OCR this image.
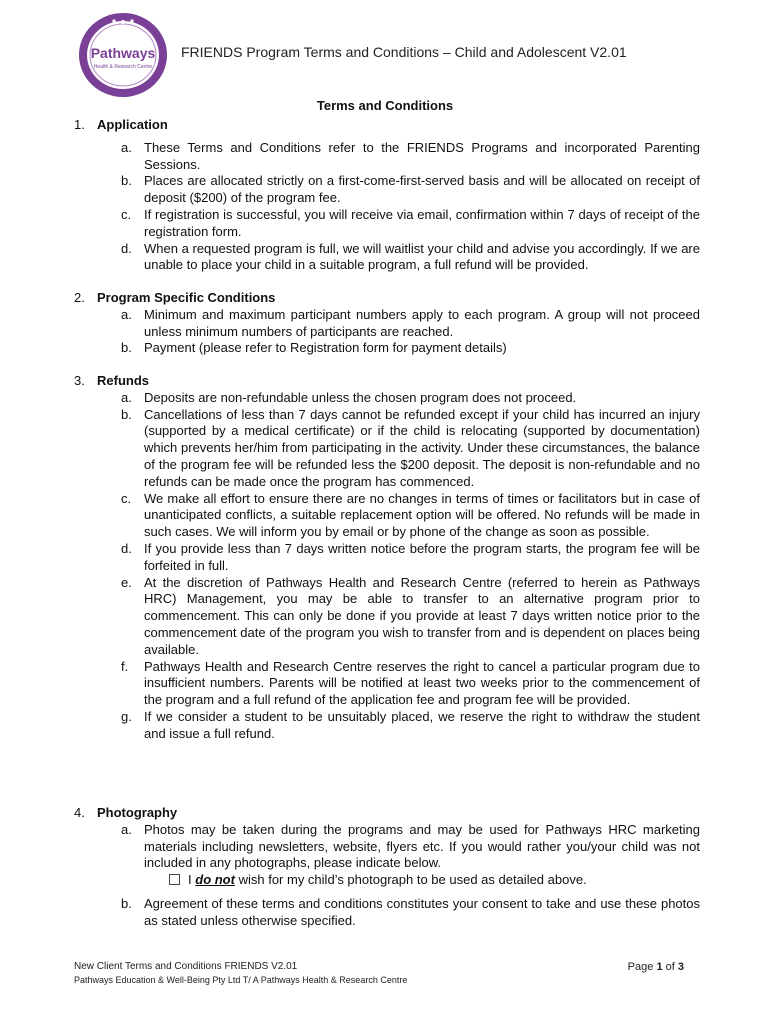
Pathways
Health & Research Centre
FRIENDS Program Terms and Conditions – Child and Adolescent V2.01
Terms and Conditions
1. Application
a. These Terms and Conditions refer to the FRIENDS Programs and incorporated Parenting Sessions.
b. Places are allocated strictly on a first-come-first-served basis and will be allocated on receipt of deposit ($200) of the program fee.
c. If registration is successful, you will receive via email, confirmation within 7 days of receipt of the registration form.
d. When a requested program is full, we will waitlist your child and advise you accordingly. If we are unable to place your child in a suitable program, a full refund will be provided.
2. Program Specific Conditions
a. Minimum and maximum participant numbers apply to each program. A group will not proceed unless minimum numbers of participants are reached.
b. Payment (please refer to Registration form for payment details)
3. Refunds
a. Deposits are non-refundable unless the chosen program does not proceed.
b. Cancellations of less than 7 days cannot be refunded except if your child has incurred an injury (supported by a medical certificate) or if the child is relocating (supported by documentation) which prevents her/him from participating in the activity. Under these circumstances, the balance of the program fee will be refunded less the $200 deposit. The deposit is non-refundable and no refunds can be made once the program has commenced.
c. We make all effort to ensure there are no changes in terms of times or facilitators but in case of unanticipated conflicts, a suitable replacement option will be offered. No refunds will be made in such cases. We will inform you by email or by phone of the change as soon as possible.
d. If you provide less than 7 days written notice before the program starts, the program fee will be forfeited in full.
e. At the discretion of Pathways Health and Research Centre (referred to herein as Pathways HRC) Management, you may be able to transfer to an alternative program prior to commencement. This can only be done if you provide at least 7 days written notice prior to the commencement date of the program you wish to transfer from and is dependent on places being available.
f. Pathways Health and Research Centre reserves the right to cancel a particular program due to insufficient numbers. Parents will be notified at least two weeks prior to the commencement of the program and a full refund of the application fee and program fee will be provided.
g. If we consider a student to be unsuitably placed, we reserve the right to withdraw the student and issue a full refund.
4. Photography
a. Photos may be taken during the programs and may be used for Pathways HRC marketing materials including newsletters, website, flyers etc. If you would rather you/your child was not included in any photographs, please indicate below.

I do not wish for my child’s photograph to be used as detailed above.

b. Agreement of these terms and conditions constitutes your consent to take and use these photos as stated unless otherwise specified.
New Client Terms and Conditions FRIENDS V2.01	Page 1 of 3
Pathways Education & Well-Being Pty Ltd T/ A Pathways Health & Research Centre
